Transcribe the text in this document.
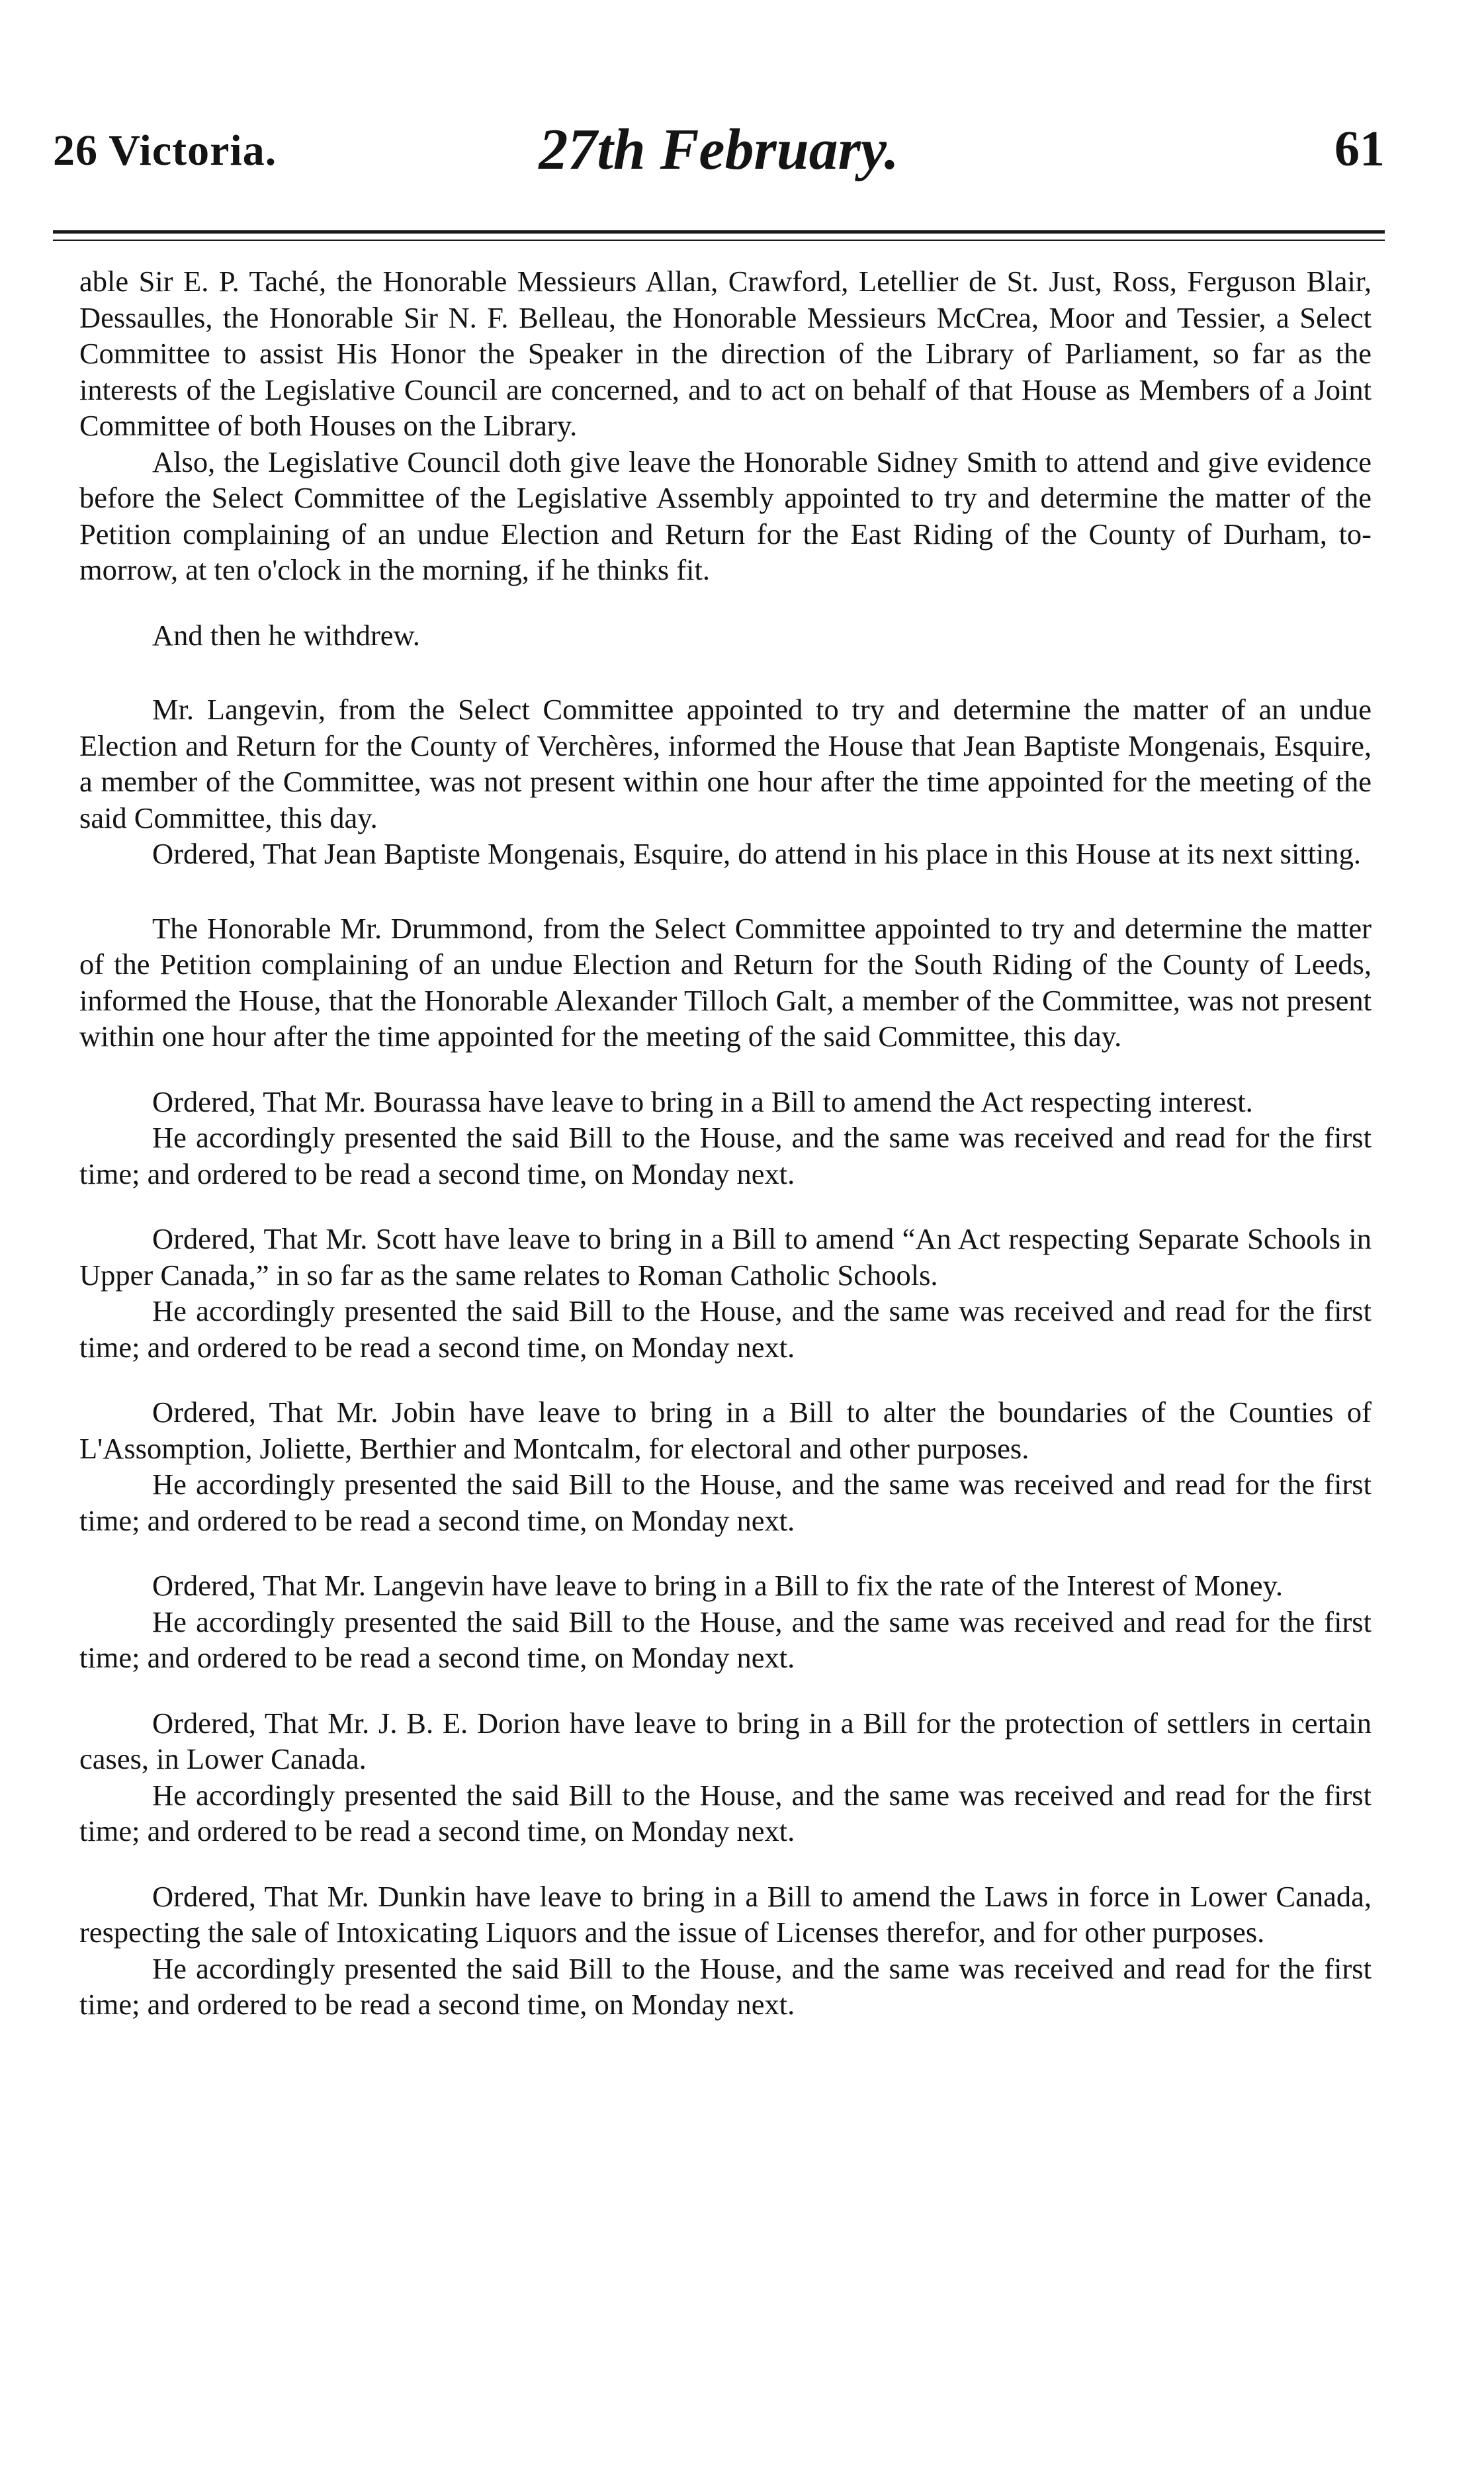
26 Victoria.	27th February.	61

able Sir E. P. Taché, the Honorable Messieurs Allan, Crawford, Letellier de St. Just, Ross, Ferguson Blair, Dessaulles, the Honorable Sir N. F. Belleau, the Honorable Messieurs McCrea, Moor and Tessier, a Select Committee to assist His Honor the Speaker in the direction of the Library of Parliament, so far as the interests of the Legislative Council are concerned, and to act on behalf of that House as Members of a Joint Committee of both Houses on the Library.

Also, the Legislative Council doth give leave the Honorable Sidney Smith to attend and give evidence before the Select Committee of the Legislative Assembly appointed to try and determine the matter of the Petition complaining of an undue Election and Return for the East Riding of the County of Durham, to-morrow, at ten o'clock in the morning, if he thinks fit.

And then he withdrew.

Mr. Langevin, from the Select Committee appointed to try and determine the matter of an undue Election and Return for the County of Verchères, informed the House that Jean Baptiste Mongenais, Esquire, a member of the Committee, was not present within one hour after the time appointed for the meeting of the said Committee, this day.

Ordered, That Jean Baptiste Mongenais, Esquire, do attend in his place in this House at its next sitting.

The Honorable Mr. Drummond, from the Select Committee appointed to try and determine the matter of the Petition complaining of an undue Election and Return for the South Riding of the County of Leeds, informed the House, that the Honorable Alexander Tilloch Galt, a member of the Committee, was not present within one hour after the time appointed for the meeting of the said Committee, this day.

Ordered, That Mr. Bourassa have leave to bring in a Bill to amend the Act respecting interest.

He accordingly presented the said Bill to the House, and the same was received and read for the first time; and ordered to be read a second time, on Monday next.

Ordered, That Mr. Scott have leave to bring in a Bill to amend “An Act respecting Separate Schools in Upper Canada,” in so far as the same relates to Roman Catholic Schools.

He accordingly presented the said Bill to the House, and the same was received and read for the first time; and ordered to be read a second time, on Monday next.

Ordered, That Mr. Jobin have leave to bring in a Bill to alter the boundaries of the Counties of L'Assomption, Joliette, Berthier and Montcalm, for electoral and other purposes.

He accordingly presented the said Bill to the House, and the same was received and read for the first time; and ordered to be read a second time, on Monday next.

Ordered, That Mr. Langevin have leave to bring in a Bill to fix the rate of the Interest of Money.

He accordingly presented the said Bill to the House, and the same was received and read for the first time; and ordered to be read a second time, on Monday next.

Ordered, That Mr. J. B. E. Dorion have leave to bring in a Bill for the protection of settlers in certain cases, in Lower Canada.

He accordingly presented the said Bill to the House, and the same was received and read for the first time; and ordered to be read a second time, on Monday next.

Ordered, That Mr. Dunkin have leave to bring in a Bill to amend the Laws in force in Lower Canada, respecting the sale of Intoxicating Liquors and the issue of Licenses therefor, and for other purposes.

He accordingly presented the said Bill to the House, and the same was received and read for the first time; and ordered to be read a second time, on Monday next.
